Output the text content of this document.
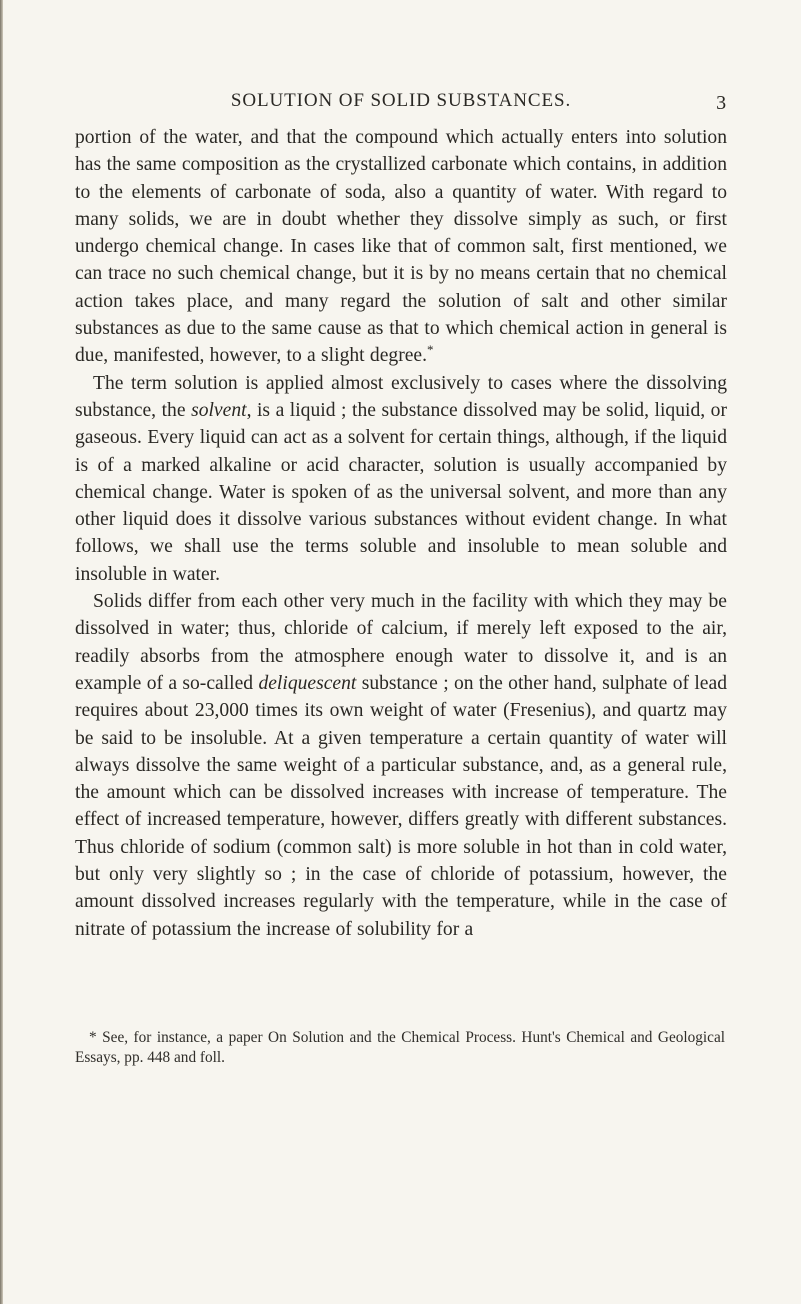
SOLUTION OF SOLID SUBSTANCES.	3

portion of the water, and that the compound which actually enters into solution has the same composition as the crystallized carbonate which contains, in addition to the elements of carbonate of soda, also a quantity of water. With regard to many solids, we are in doubt whether they dissolve simply as such, or first undergo chemical change. In cases like that of common salt, first mentioned, we can trace no such chemical change, but it is by no means certain that no chemical action takes place, and many regard the solution of salt and other similar substances as due to the same cause as that to which chemical action in general is due, manifested, however, to a slight degree.*

The term solution is applied almost exclusively to cases where the dissolving substance, the solvent, is a liquid ; the substance dissolved may be solid, liquid, or gaseous. Every liquid can act as a solvent for certain things, although, if the liquid is of a marked alkaline or acid character, solution is usually accompanied by chemical change. Water is spoken of as the universal solvent, and more than any other liquid does it dissolve various substances without evident change. In what follows, we shall use the terms soluble and insoluble to mean soluble and insoluble in water.

Solids differ from each other very much in the facility with which they may be dissolved in water; thus, chloride of calcium, if merely left exposed to the air, readily absorbs from the atmosphere enough water to dissolve it, and is an example of a so-called deliquescent substance ; on the other hand, sulphate of lead requires about 23,000 times its own weight of water (Fresenius), and quartz may be said to be insoluble. At a given temperature a certain quantity of water will always dissolve the same weight of a particular substance, and, as a general rule, the amount which can be dissolved increases with increase of temperature. The effect of increased temperature, however, differs greatly with different substances. Thus chloride of sodium (common salt) is more soluble in hot than in cold water, but only very slightly so ; in the case of chloride of potassium, however, the amount dissolved increases regularly with the temperature, while in the case of nitrate of potassium the increase of solubility for a

* See, for instance, a paper On Solution and the Chemical Process. Hunt's Chemical and Geological Essays, pp. 448 and foll.
